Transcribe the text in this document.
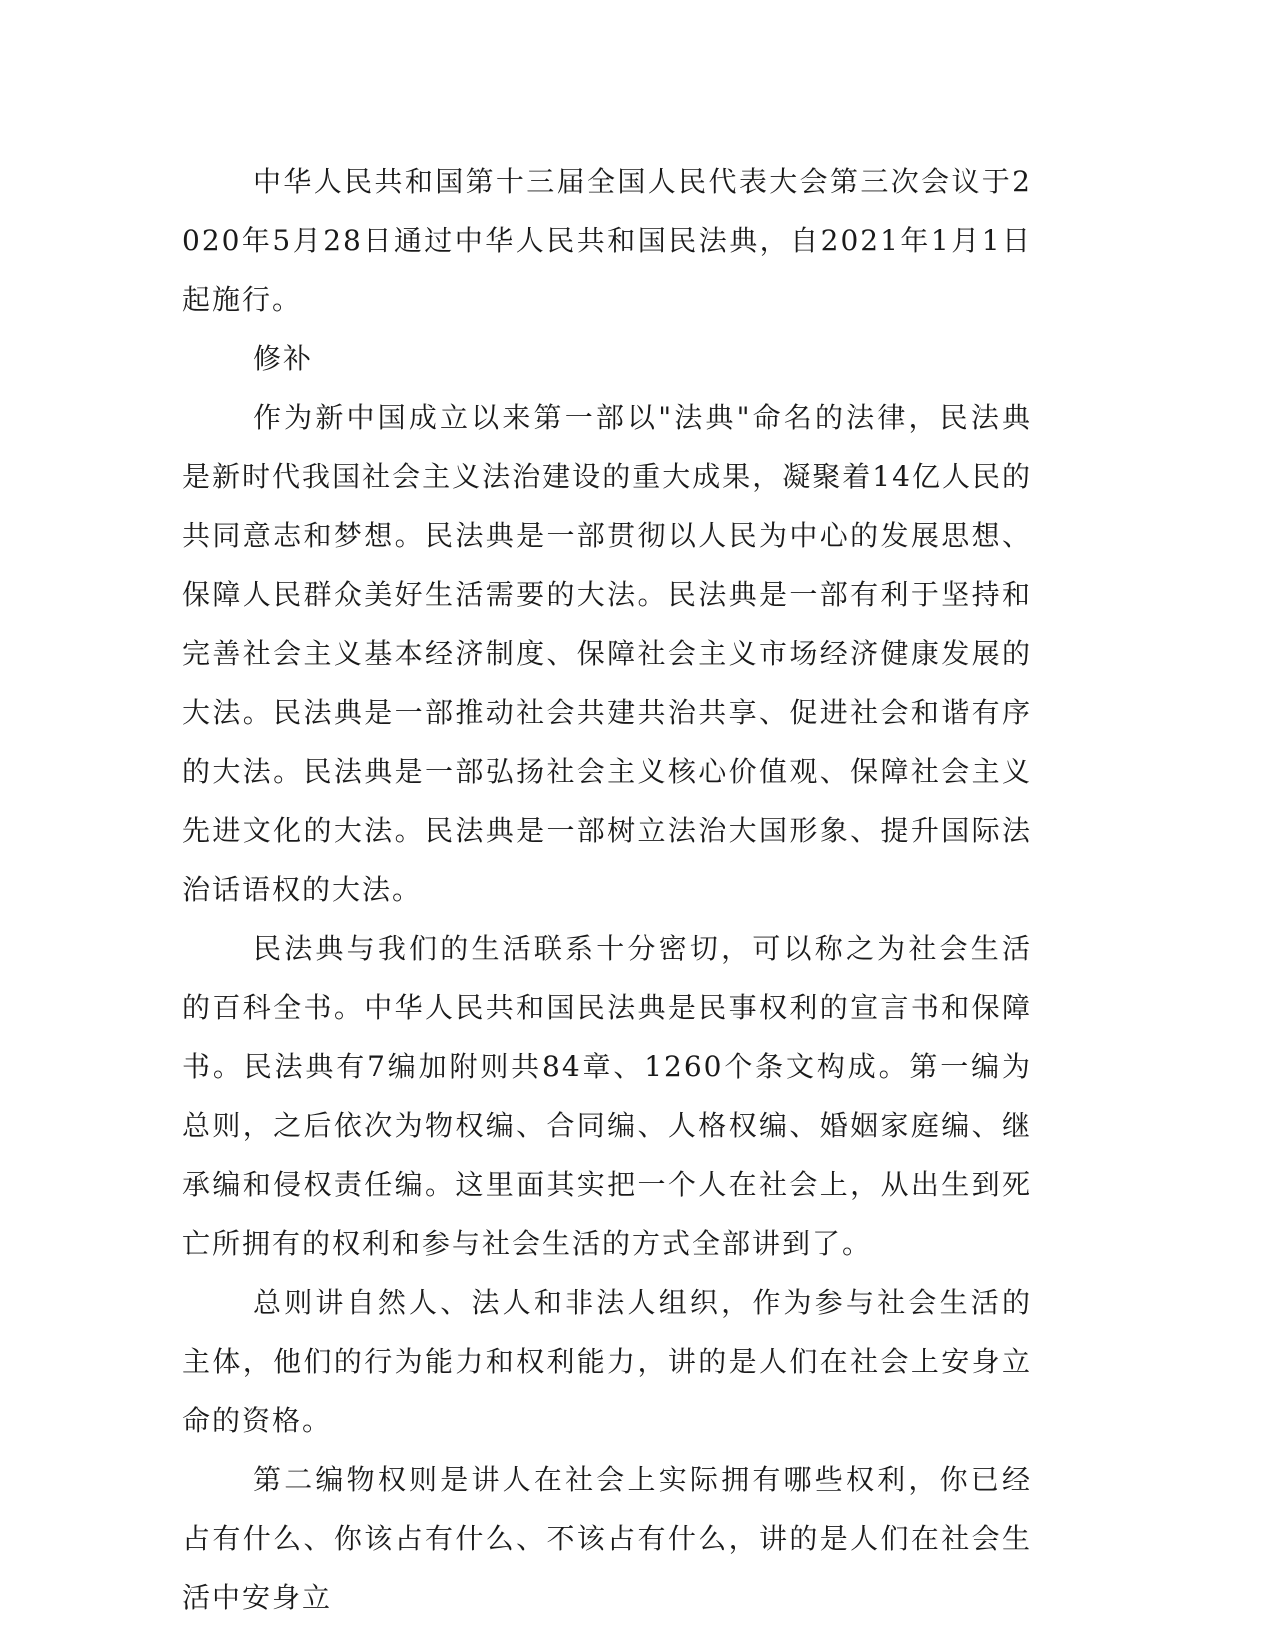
中华人民共和国第十三届全国人民代表大会第三次会议于2020年5月28日通过中华人民共和国民法典，自2021年1月1日起施行。

修补

作为新中国成立以来第一部以"法典"命名的法律，民法典是新时代我国社会主义法治建设的重大成果，凝聚着14亿人民的共同意志和梦想。民法典是一部贯彻以人民为中心的发展思想、保障人民群众美好生活需要的大法。民法典是一部有利于坚持和完善社会主义基本经济制度、保障社会主义市场经济健康发展的大法。民法典是一部推动社会共建共治共享、促进社会和谐有序的大法。民法典是一部弘扬社会主义核心价值观、保障社会主义先进文化的大法。民法典是一部树立法治大国形象、提升国际法治话语权的大法。

民法典与我们的生活联系十分密切，可以称之为社会生活的百科全书。中华人民共和国民法典是民事权利的宣言书和保障书。民法典有7编加附则共84章、1260个条文构成。第一编为总则，之后依次为物权编、合同编、人格权编、婚姻家庭编、继承编和侵权责任编。这里面其实把一个人在社会上，从出生到死亡所拥有的权利和参与社会生活的方式全部讲到了。

总则讲自然人、法人和非法人组织，作为参与社会生活的主体，他们的行为能力和权利能力，讲的是人们在社会上安身立命的资格。

第二编物权则是讲人在社会上实际拥有哪些权利，你已经占有什么、你该占有什么、不该占有什么，讲的是人们在社会生活中安身立
